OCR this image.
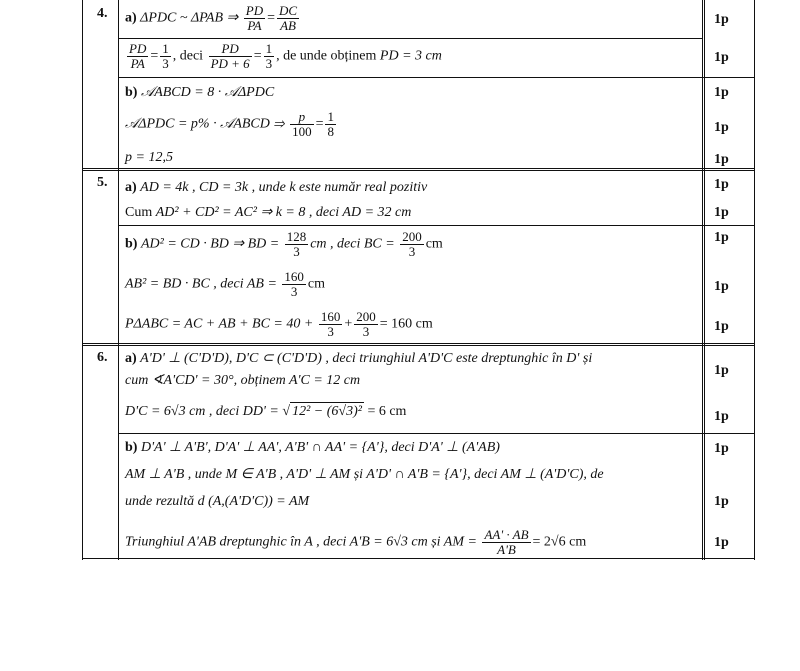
4.
5.
6.
a) ΔPDC ~ ΔPAB ⇒ $\frac{PD}{PA} = \frac{DC}{AB}$
$\frac{PD}{PA} = \frac{1}{3}$ , deci $\frac{PD}{PD + 6} = \frac{1}{3}$ , de unde obținem PD = 3 cm
b) 𝒜ABCD = 8 · 𝒜ΔPDC
𝒜ΔPDC = p% · 𝒜ABCD ⇒ $\frac{p}{100} = \frac{1}{8}$
p = 12,5
a) AD = 4k , CD = 3k , unde k este număr real pozitiv
Cum AD² + CD² = AC² ⇒ k = 8 , deci AD = 32 cm
b) AD² = CD · BD ⇒ BD = $\frac{128}{3}$ cm , deci BC = $\frac{200}{3}$ cm
AB² = BD · BC , deci AB = $\frac{160}{3}$ cm
PΔABC = AC + AB + BC = $40 + \frac{160}{3} + \frac{200}{3} = 160$ cm
a) A'D' ⊥ (C'D'D), D'C ⊂ (C'D'D) , deci triunghiul A'D'C este dreptunghic în D' și
cum ∢A'CD' = 30°, obținem A'C = 12 cm
D'C = 6√3 cm , deci DD' = √ 12² − (6√3)² = 6 cm
b) D'A' ⊥ A'B', D'A' ⊥ AA', A'B' ∩ AA' = {A'}, deci D'A' ⊥ (A'AB)
AM ⊥ A'B , unde M ∈ A'B , A'D' ⊥ AM și A'D' ∩ A'B = {A'}, deci AM ⊥ (A'D'C), de
unde rezultă d (A,(A'D'C)) = AM
Triunghiul A'AB dreptunghic în A , deci A'B = 6√3 cm și AM = $\frac{AA' \cdot AB}{A'B} = 2√6$ cm
1p
1p
1p
1p
1p
1p
1p
1p
1p
1p
1p
1p
1p
1p
1p
